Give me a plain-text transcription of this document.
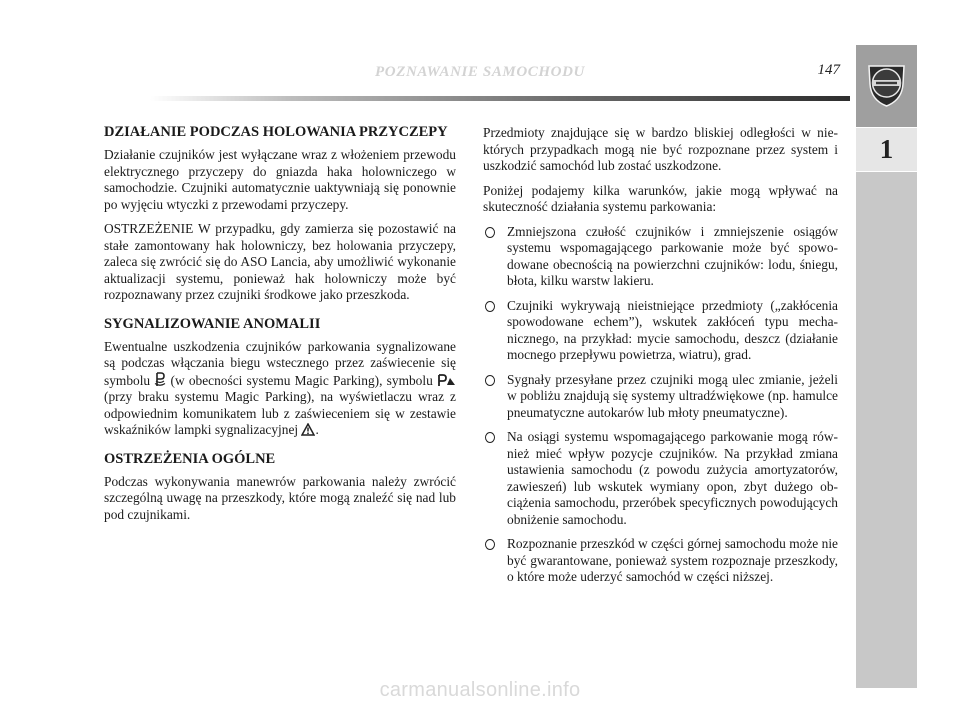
POZNAWANIE SAMOCHODU	147
1
DZIAŁANIE PODCZAS HOLOWANIA PRZYCZEPY

Działanie czujników jest wyłączane wraz z włożeniem przewodu elektrycznego przyczepy do gniazda haka holowniczego w samochodzie. Czujniki automatycznie uaktywniają się ponownie po wyjęciu wtyczki z przewodami przyczepy.

OSTRZEŻENIE W przypadku, gdy zamierza się pozostawić na stałe zamontowany hak holowniczy, bez holowania przyczepy, zaleca się zwrócić się do ASO Lancia, aby umożliwić wykonanie aktualizacji systemu, ponieważ hak holowniczy może być rozpoznawany przez czujniki środkowe jako przeszkoda.

SYGNALIZOWANIE ANOMALII

Ewentualne uszkodzenia czujników parkowania sygnalizowane są podczas włączania biegu wstecznego przez zaświecenie się symbolu (w obecności systemu Magic Parking), symbolu  (przy braku systemu Magic Parking), na wyświetlaczu wraz z odpowiednim komunikatem lub z zaświeceniem się w zestawie wskaźników lampki sygnalizacyjnej .

OSTRZEŻENIA OGÓLNE

Podczas wykonywania manewrów parkowania należy zwrócić szczególną uwagę na przeszkody, które mogą znaleźć się nad lub pod czujnikami.

Przedmioty znajdujące się w bardzo bliskiej odległości w niektórych przypadkach mogą nie być rozpoznane przez system i uszkodzić samochód lub zostać uszkodzone.

Poniżej podajemy kilka warunków, jakie mogą wpływać na skuteczność działania systemu parkowania:

Zmniejszona czułość czujników i zmniejszenie osiągów systemu wspomagającego parkowanie może być spowodowane obecnością na powierzchni czujników: lodu, śniegu, błota, kilku warstw lakieru.
Czujniki wykrywają nieistniejące przedmioty („zakłócenia spowodowane echem”), wskutek zakłóceń typu mechanicznego, na przykład: mycie samochodu, deszcz (działanie mocnego przepływu powietrza, wiatru), grad.
Sygnały przesyłane przez czujniki mogą ulec zmianie, jeżeli w pobliżu znajdują się systemy ultradźwiękowe (np. hamulce pneumatyczne autokarów lub młoty pneumatyczne).
Na osiągi systemu wspomagającego parkowanie mogą również mieć wpływ pozycje czujników. Na przykład zmiana ustawienia samochodu (z powodu zużycia amortyzatorów, zawieszeń) lub wskutek wymiany opon, zbyt dużego obciążenia samochodu, przeróbek specyficznych powodujących obniżenie samochodu.
Rozpoznanie przeszkód w części górnej samochodu może nie być gwarantowane, ponieważ system rozpoznaje przeszkody, o które może uderzyć samochód w części niższej.
carmanualsonline.info
